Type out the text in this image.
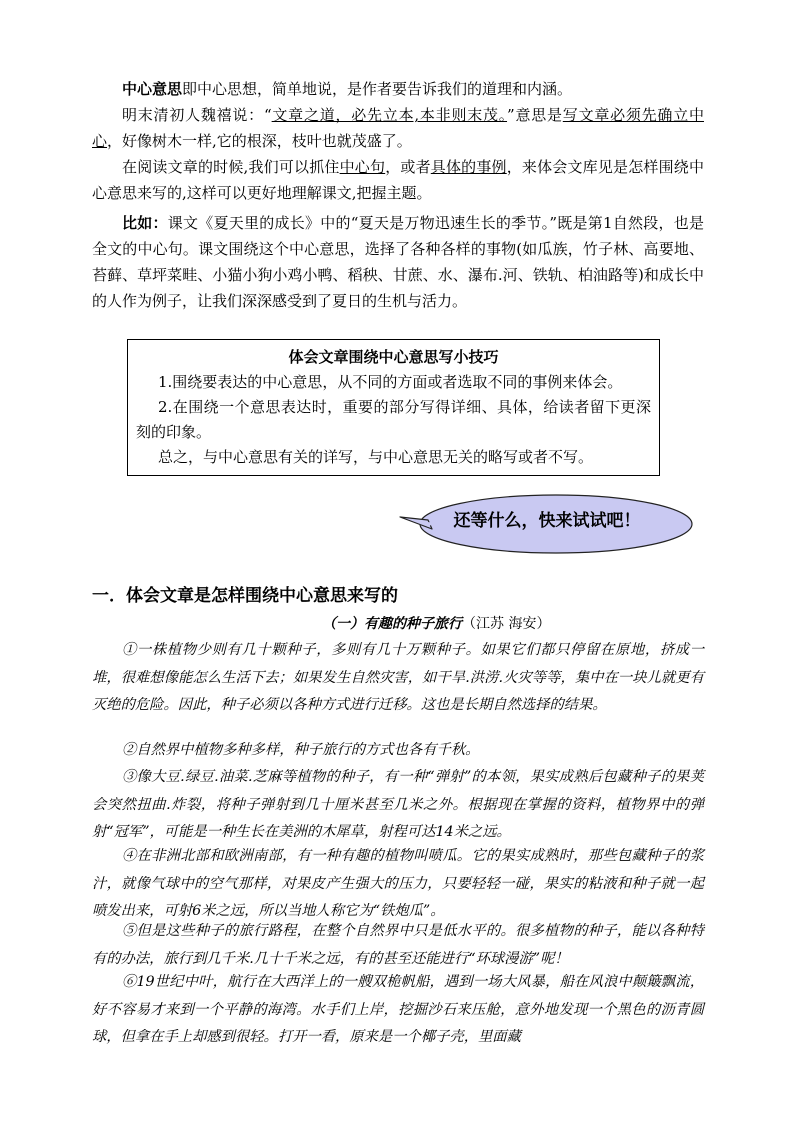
中心意思即中心思想，简单地说，是作者要告诉我们的道理和内涵。

明末清初人魏禧说：“文章之道，必先立本,本非则末茂。”意思是写文章必须先确立中心，好像树木一样,它的根深，枝叶也就茂盛了。

在阅读文章的时候,我们可以抓住中心句，或者具体的事例，来体会文库见是怎样围绕中心意思来写的,这样可以更好地理解课文,把握主题。

比如：课文《夏天里的成长》中的“夏天是万物迅速生长的季节。”既是第1自然段，也是全文的中心句。课文围绕这个中心意思，选择了各种各样的事物(如瓜族，竹子林、高要地、苔藓、草坪菜畦、小猫小狗小鸡小鸭、稻秧、甘蔗、水、瀑布.河、铁轨、柏油路等)和成长中的人作为例子，让我们深深感受到了夏日的生机与活力。

体会文章围绕中心意思写小技巧

1.围绕要表达的中心意思，从不同的方面或者选取不同的事例来体会。

2.在围绕一个意思表达时，重要的部分写得详细、具体，给读者留下更深刻的印象。

总之，与中心意思有关的详写，与中心意思无关的略写或者不写。

还等什么，快来试试吧！
一．体会文章是怎样围绕中心意思来写的

（一）有趣的种子旅行（江苏 海安）

①一株植物少则有几十颗种子，多则有几十万颗种子。如果它们都只停留在原地，挤成一堆，很难想像能怎么生活下去；如果发生自然灾害，如干旱.洪涝.火灾等等，集中在一块儿就更有灭绝的危险。因此，种子必须以各种方式进行迁移。这也是长期自然选择的结果。

②自然界中植物多种多样，种子旅行的方式也各有千秋。

③像大豆.绿豆.油菜.芝麻等植物的种子，有一种“弹射”的本领，果实成熟后包藏种子的果荚会突然扭曲.炸裂，将种子弹射到几十厘米甚至几米之外。根据现在掌握的资料，植物界中的弹射“冠军”，可能是一种生长在美洲的木犀草，射程可达14米之远。

④在非洲北部和欧洲南部，有一种有趣的植物叫喷瓜。它的果实成熟时，那些包藏种子的浆汁，就像气球中的空气那样，对果皮产生强大的压力，只要轻轻一碰，果实的粘液和种子就一起喷发出来，可射6米之远，所以当地人称它为“铁炮瓜”。

⑤但是这些种子的旅行路程，在整个自然界中只是低水平的。很多植物的种子，能以各种特有的办法，旅行到几千米.几十千米之远，有的甚至还能进行“环球漫游”呢！

⑥19世纪中叶，航行在大西洋上的一艘双桅帆船，遇到一场大风暴，船在风浪中颠簸飘流，好不容易才来到一个平静的海湾。水手们上岸，挖掘沙石来压舱，意外地发现一个黑色的沥青圆球，但拿在手上却感到很轻。打开一看，原来是一个椰子壳，里面藏
